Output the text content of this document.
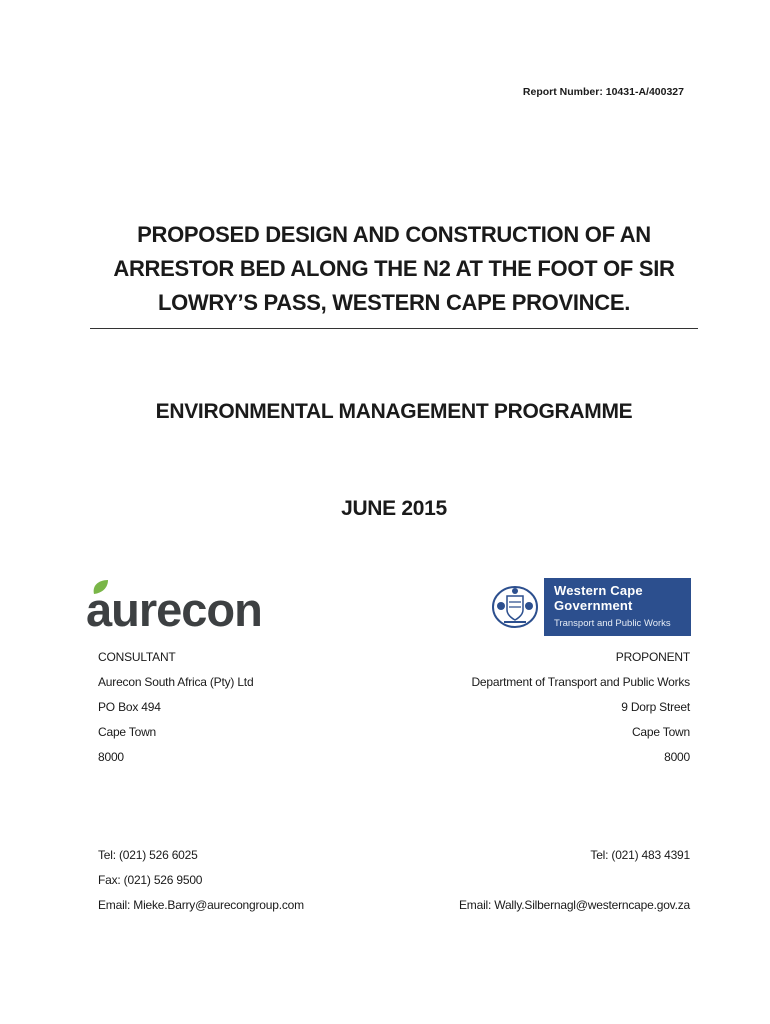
Report Number: 10431-A/400327
PROPOSED DESIGN AND CONSTRUCTION OF AN
ARRESTOR BED ALONG THE N2 AT THE FOOT OF SIR
LOWRY’S PASS, WESTERN CAPE PROVINCE.
ENVIRONMENTAL MANAGEMENT PROGRAMME
JUNE 2015
aurecon	Western Cape
Government
Transport and Public Works
CONSULTANT
Aurecon South Africa (Pty) Ltd
PO Box 494
Cape Town
8000
PROPONENT
Department of Transport and Public Works
9 Dorp Street
Cape Town
8000
Tel: (021) 526 6025
Fax: (021) 526 9500
Email: Mieke.Barry@aurecongroup.com
Tel: (021) 483 4391
Email: Wally.Silbernagl@westerncape.gov.za
